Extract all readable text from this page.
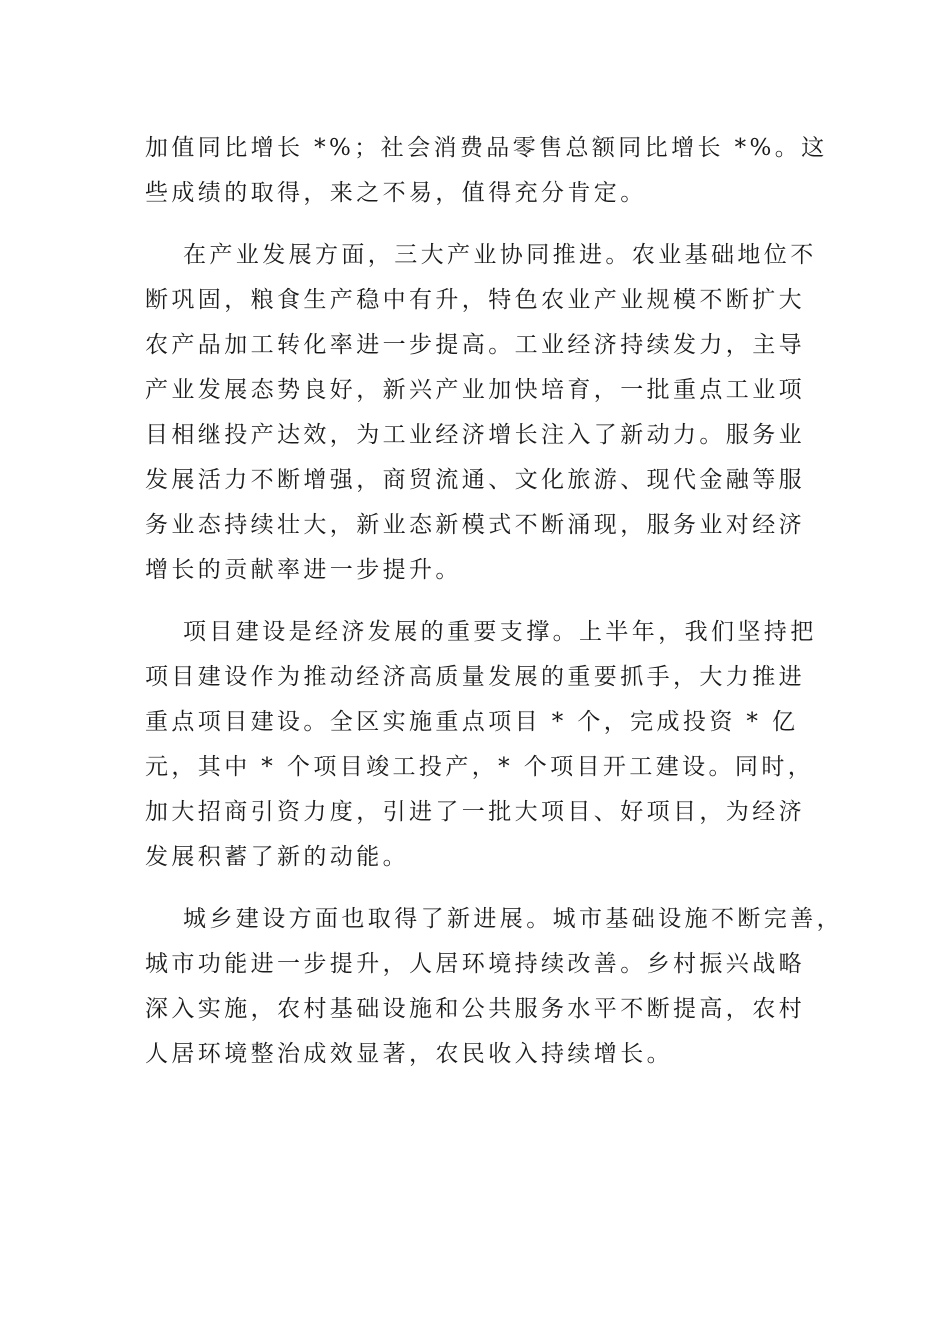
加值同比增长 *%；社会消费品零售总额同比增长 *%。这
些成绩的取得，来之不易，值得充分肯定。
在产业发展方面，三大产业协同推进。农业基础地位不
断巩固，粮食生产稳中有升，特色农业产业规模不断扩大
农产品加工转化率进一步提高。工业经济持续发力，主导
产业发展态势良好，新兴产业加快培育，一批重点工业项
目相继投产达效，为工业经济增长注入了新动力。服务业
发展活力不断增强，商贸流通、文化旅游、现代金融等服
务业态持续壮大，新业态新模式不断涌现，服务业对经济
增长的贡献率进一步提升。
项目建设是经济发展的重要支撑。上半年，我们坚持把
项目建设作为推动经济高质量发展的重要抓手，大力推进
重点项目建设。全区实施重点项目 * 个，完成投资 * 亿
元，其中 * 个项目竣工投产，* 个项目开工建设。同时，
加大招商引资力度，引进了一批大项目、好项目，为经济
发展积蓄了新的动能。
城乡建设方面也取得了新进展。城市基础设施不断完善，
城市功能进一步提升，人居环境持续改善。乡村振兴战略
深入实施，农村基础设施和公共服务水平不断提高，农村
人居环境整治成效显著，农民收入持续增长。
